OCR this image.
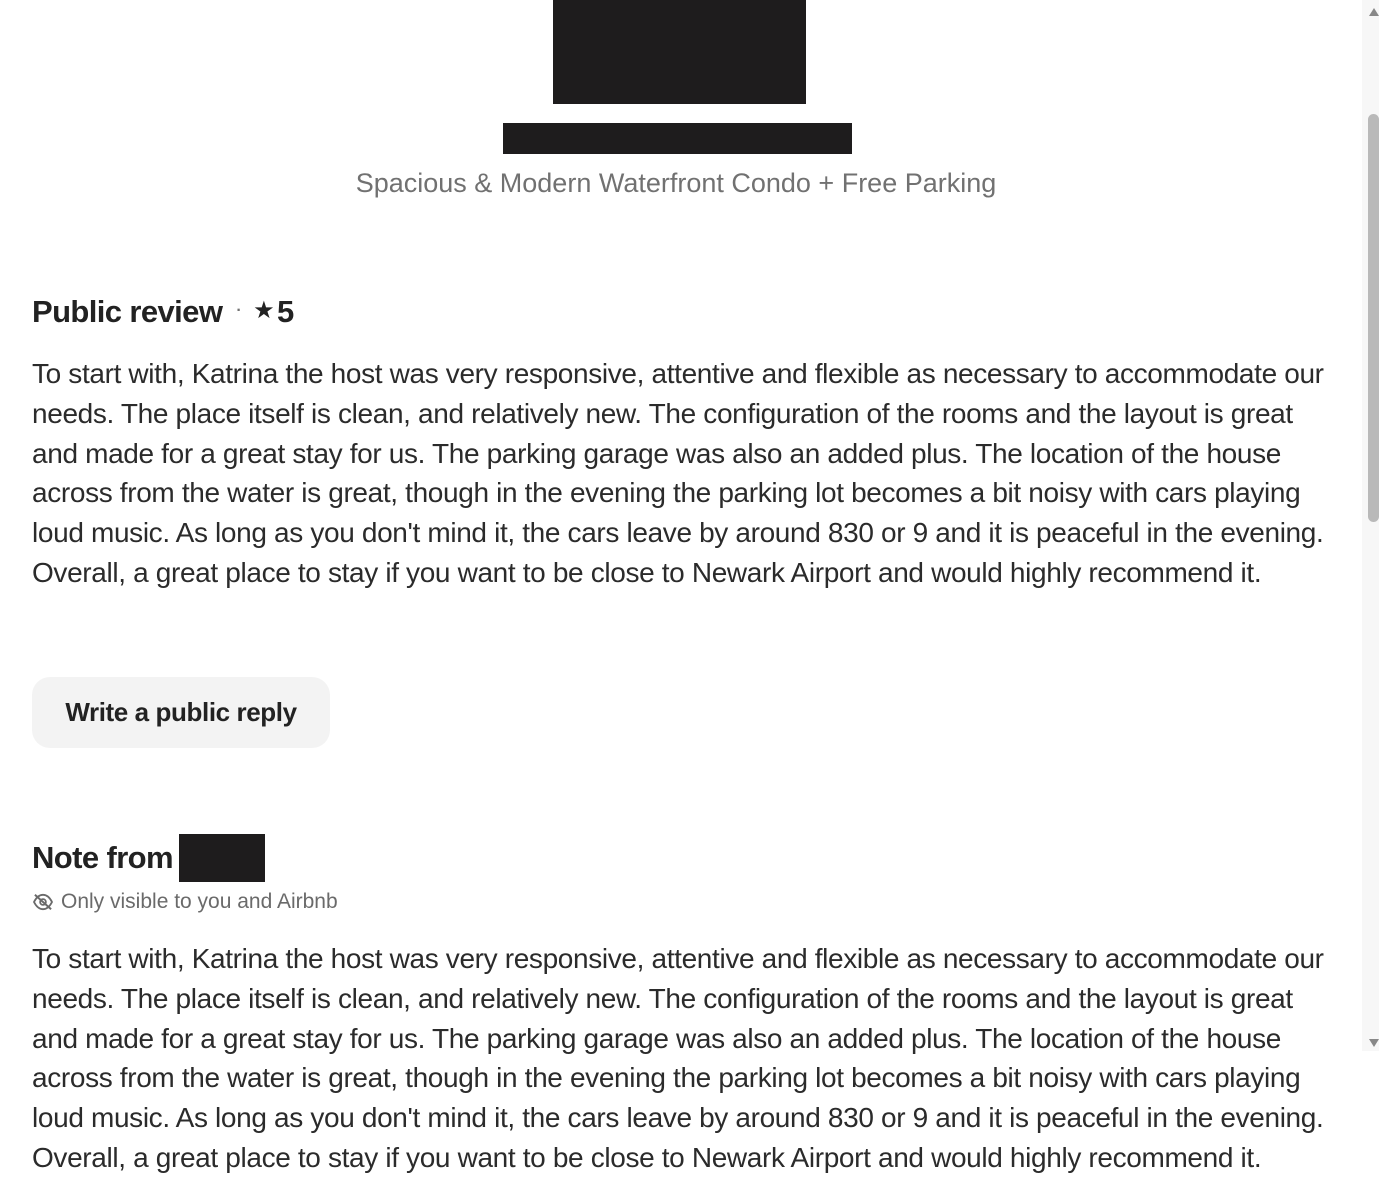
Spacious & Modern Waterfront Condo + Free Parking
Public review · ★5

To start with, Katrina the host was very responsive, attentive and flexible as necessary to accommodate our needs. The place itself is clean, and relatively new. The configuration of the rooms and the layout is great and made for a great stay for us. The parking garage was also an added plus. The location of the house across from the water is great, though in the evening the parking lot becomes a bit noisy with cars playing loud music. As long as you don't mind it, the cars leave by around 830 or 9 and it is peaceful in the evening. Overall, a great place to stay if you want to be close to Newark Airport and would highly recommend it.

Write a public reply
Note from
Only visible to you and Airbnb

To start with, Katrina the host was very responsive, attentive and flexible as necessary to accommodate our needs. The place itself is clean, and relatively new. The configuration of the rooms and the layout is great and made for a great stay for us. The parking garage was also an added plus. The location of the house across from the water is great, though in the evening the parking lot becomes a bit noisy with cars playing loud music. As long as you don't mind it, the cars leave by around 830 or 9 and it is peaceful in the evening. Overall, a great place to stay if you want to be close to Newark Airport and would highly recommend it.
